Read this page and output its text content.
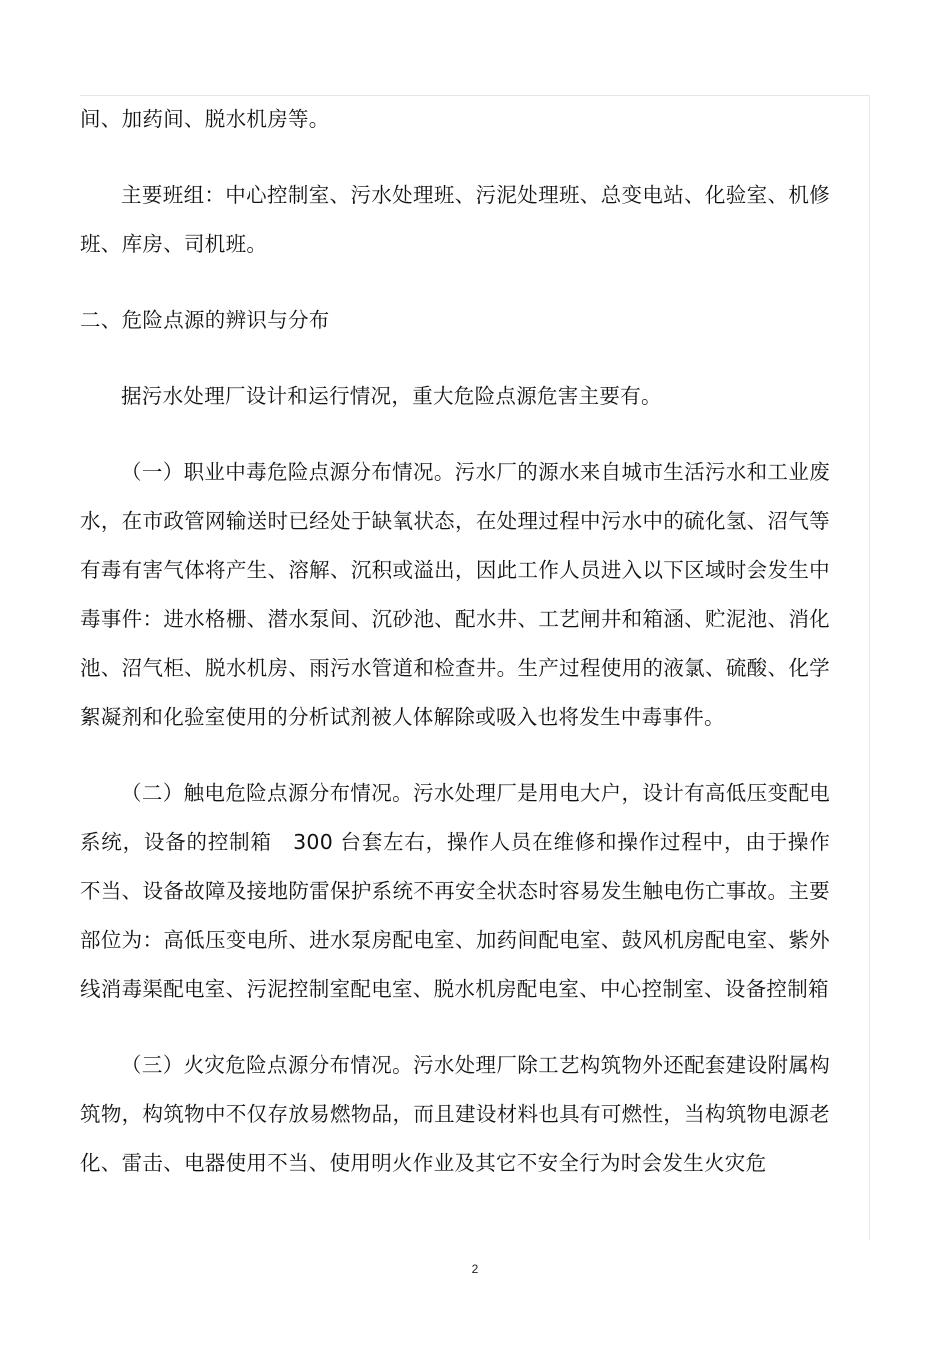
间、加药间、脱水机房等。

主要班组：中心控制室、污水处理班、污泥处理班、总变电站、化验室、机修班、库房、司机班。

二、危险点源的辨识与分布

据污水处理厂设计和运行情况，重大危险点源危害主要有。

（一）职业中毒危险点源分布情况。污水厂的源水来自城市生活污水和工业废水，在市政管网输送时已经处于缺氧状态，在处理过程中污水中的硫化氢、沼气等有毒有害气体将产生、溶解、沉积或溢出，因此工作人员进入以下区域时会发生中毒事件：进水格栅、潜水泵间、沉砂池、配水井、工艺闸井和箱涵、贮泥池、消化池、沼气柜、脱水机房、雨污水管道和检查井。生产过程使用的液氯、硫酸、化学絮凝剂和化验室使用的分析试剂被人体解除或吸入也将发生中毒事件。

（二）触电危险点源分布情况。污水处理厂是用电大户，设计有高低压变配电系统，设备的控制箱　300 台套左右，操作人员在维修和操作过程中，由于操作不当、设备故障及接地防雷保护系统不再安全状态时容易发生触电伤亡事故。主要部位为：高低压变电所、进水泵房配电室、加药间配电室、鼓风机房配电室、紫外线消毒渠配电室、污泥控制室配电室、脱水机房配电室、中心控制室、设备控制箱

（三）火灾危险点源分布情况。污水处理厂除工艺构筑物外还配套建设附属构筑物，构筑物中不仅存放易燃物品，而且建设材料也具有可燃性，当构筑物电源老化、雷击、电器使用不当、使用明火作业及其它不安全行为时会发生火灾危

2
